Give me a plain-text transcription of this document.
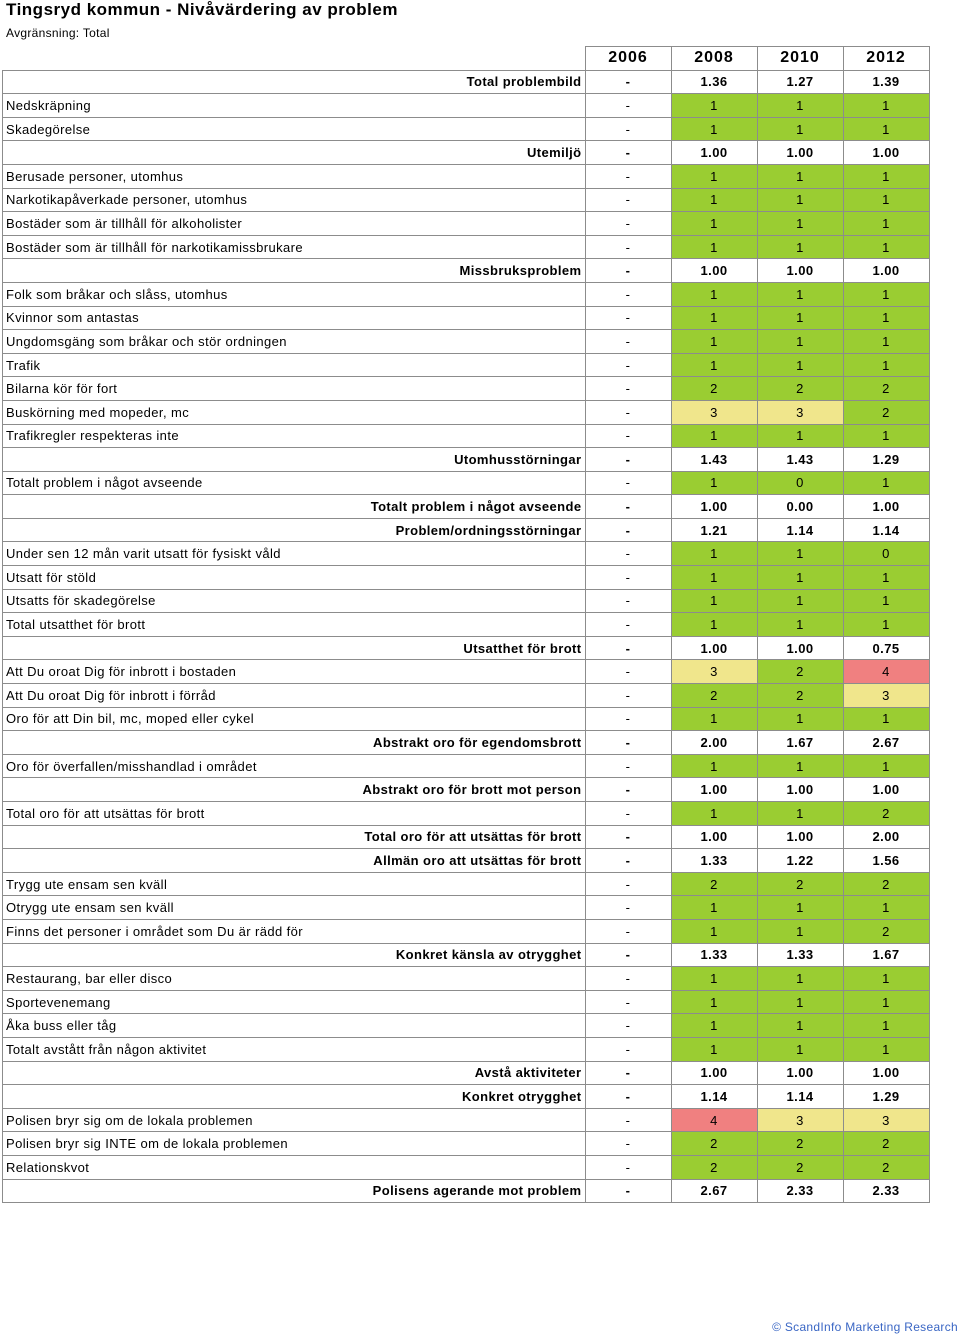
Tingsryd kommun - Nivåvärdering av problem
Avgränsning: Total
	2006	2008	2010	2012
Total problembild	-	1.36	1.27	1.39
Nedskräpning	-	1	1	1
Skadegörelse	-	1	1	1
Utemiljö	-	1.00	1.00	1.00
Berusade personer, utomhus	-	1	1	1
Narkotikapåverkade personer, utomhus	-	1	1	1
Bostäder som är tillhåll för alkoholister	-	1	1	1
Bostäder som är tillhåll för narkotikamissbrukare	-	1	1	1
Missbruksproblem	-	1.00	1.00	1.00
Folk som bråkar och slåss, utomhus	-	1	1	1
Kvinnor som antastas	-	1	1	1
Ungdomsgäng som bråkar och stör ordningen	-	1	1	1
Trafik	-	1	1	1
Bilarna kör för fort	-	2	2	2
Buskörning med mopeder, mc	-	3	3	2
Trafikregler respekteras inte	-	1	1	1
Utomhusstörningar	-	1.43	1.43	1.29
Totalt problem i något avseende	-	1	0	1
Totalt problem i något avseende	-	1.00	0.00	1.00
Problem/ordningsstörningar	-	1.21	1.14	1.14
Under sen 12 mån varit utsatt för fysiskt våld	-	1	1	0
Utsatt för stöld	-	1	1	1
Utsatts för skadegörelse	-	1	1	1
Total utsatthet för brott	-	1	1	1
Utsatthet för brott	-	1.00	1.00	0.75
Att Du oroat Dig för inbrott i bostaden	-	3	2	4
Att Du oroat Dig för inbrott i förråd	-	2	2	3
Oro för att Din bil, mc, moped eller cykel	-	1	1	1
Abstrakt oro för egendomsbrott	-	2.00	1.67	2.67
Oro för överfallen/misshandlad i området	-	1	1	1
Abstrakt oro för brott mot person	-	1.00	1.00	1.00
Total oro för att utsättas för brott	-	1	1	2
Total oro för att utsättas för brott	-	1.00	1.00	2.00
Allmän oro att utsättas för brott	-	1.33	1.22	1.56
Trygg ute ensam sen kväll	-	2	2	2
Otrygg ute ensam sen kväll	-	1	1	1
Finns det personer i området som Du är rädd för	-	1	1	2
Konkret känsla av otrygghet	-	1.33	1.33	1.67
Restaurang, bar eller disco	-	1	1	1
Sportevenemang	-	1	1	1
Åka buss eller tåg	-	1	1	1
Totalt avstått från någon aktivitet	-	1	1	1
Avstå aktiviteter	-	1.00	1.00	1.00
Konkret otrygghet	-	1.14	1.14	1.29
Polisen bryr sig om de lokala problemen	-	4	3	3
Polisen bryr sig INTE om de lokala problemen	-	2	2	2
Relationskvot	-	2	2	2
Polisens agerande mot problem	-	2.67	2.33	2.33
© ScandInfo Marketing Research
